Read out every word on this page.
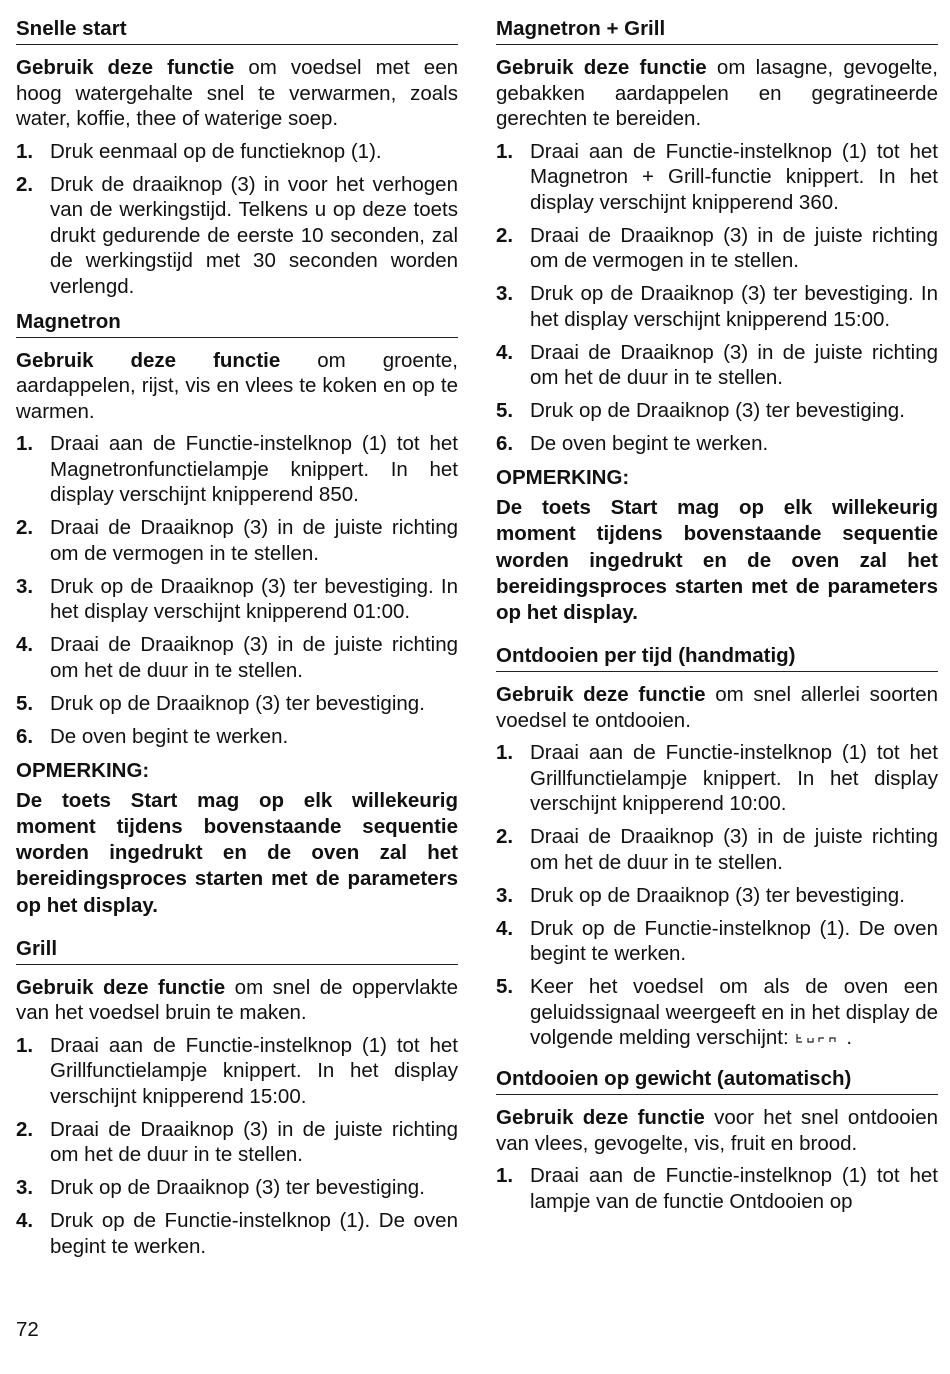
Snelle start

Gebruik deze functie om voedsel met een hoog watergehalte snel te verwarmen, zoals water, koffie, thee of waterige soep.

1. Druk eenmaal op de functieknop (1).
2. Druk de draaiknop (3) in voor het verhogen van de werkingstijd. Telkens u op deze toets drukt gedurende de eerste 10 seconden, zal de werkingstijd met 30 seconden worden verlengd.
Magnetron

Gebruik deze functie om groente, aardappelen, rijst, vis en vlees te koken en op te warmen.

1. Draai aan de Functie-instelknop (1) tot het Magnetronfunctielampje knippert. In het display verschijnt knipperend 850.
2. Draai de Draaiknop (3) in de juiste richting om de vermogen in te stellen.
3. Druk op de Draaiknop (3) ter bevestiging. In het display verschijnt knipperend 01:00.
4. Draai de Draaiknop (3) in de juiste richting om het de duur in te stellen.
5. Druk op de Draaiknop (3) ter bevestiging.
6. De oven begint te werken.
OPMERKING:
De toets Start mag op elk willekeurig moment tijdens bovenstaande sequentie worden ingedrukt en de oven zal het bereidingsproces starten met de parameters op het display.
Grill

Gebruik deze functie om snel de oppervlakte van het voedsel bruin te maken.

1. Draai aan de Functie-instelknop (1) tot het Grillfunctielampje knippert. In het display verschijnt knipperend 15:00.
2. Draai de Draaiknop (3) in de juiste richting om het de duur in te stellen.
3. Druk op de Draaiknop (3) ter bevestiging.
4. Druk op de Functie-instelknop (1). De oven begint te werken.
Magnetron + Grill

Gebruik deze functie om lasagne, gevogelte, gebakken aardappelen en gegratineerde gerechten te bereiden.

1. Draai aan de Functie-instelknop (1) tot het Magnetron + Grill-functie knippert. In het display verschijnt knipperend 360.
2. Draai de Draaiknop (3) in de juiste richting om de vermogen in te stellen.
3. Druk op de Draaiknop (3) ter bevestiging. In het display verschijnt knipperend 15:00.
4. Draai de Draaiknop (3) in de juiste richting om het de duur in te stellen.
5. Druk op de Draaiknop (3) ter bevestiging.
6. De oven begint te werken.
OPMERKING:
De toets Start mag op elk willekeurig moment tijdens bovenstaande sequentie worden ingedrukt en de oven zal het bereidingsproces starten met de parameters op het display.
Ontdooien per tijd (handmatig)

Gebruik deze functie om snel allerlei soorten voedsel te ontdooien.

1. Draai aan de Functie-instelknop (1) tot het Grillfunctielampje knippert. In het display verschijnt knipperend 10:00.
2. Draai de Draaiknop (3) in de juiste richting om het de duur in te stellen.
3. Druk op de Draaiknop (3) ter bevestiging.
4. Druk op de Functie-instelknop (1). De oven begint te werken.
5. Keer het voedsel om als de oven een geluidssignaal weergeeft en in het display de volgende melding verschijnt:	.
Ontdooien op gewicht (automatisch)

Gebruik deze functie voor het snel ontdooien van vlees, gevogelte, vis, fruit en brood.

1. Draai aan de Functie-instelknop (1) tot het lampje van de functie Ontdooien op
72
